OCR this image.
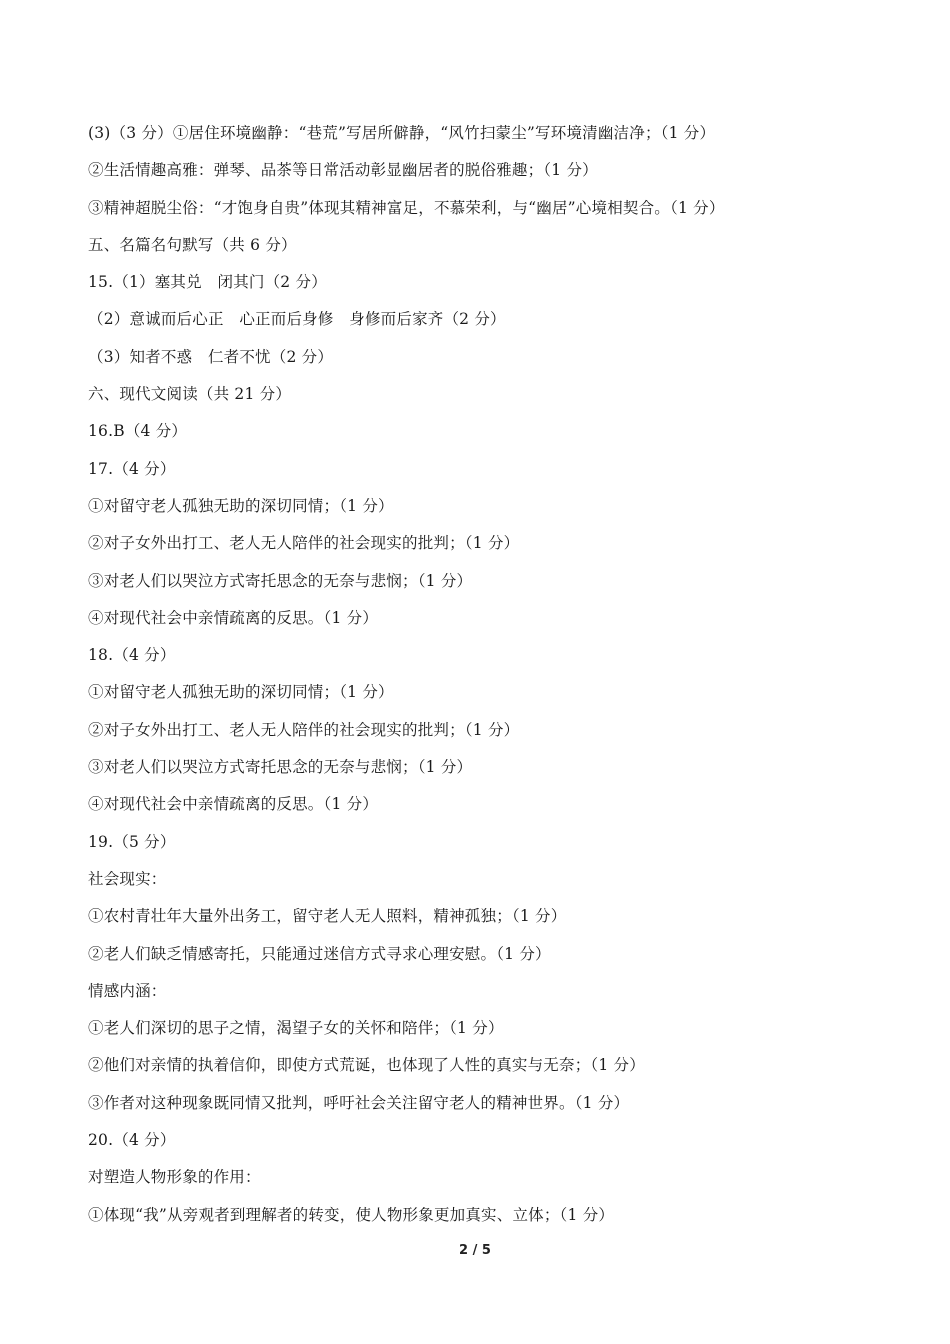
(3)（3 分）①居住环境幽静：“巷荒”写居所僻静，“风竹扫蒙尘”写环境清幽洁净；（1 分）
②生活情趣高雅：弹琴、品茶等日常活动彰显幽居者的脱俗雅趣；（1 分）
③精神超脱尘俗：“才饱身自贵”体现其精神富足，不慕荣利，与“幽居”心境相契合。（1 分）
五、名篇名句默写（共 6 分）
15.（1）塞其兑　闭其门（2 分）
（2）意诚而后心正　心正而后身修　身修而后家齐（2 分）
（3）知者不惑　仁者不忧（2 分）
六、现代文阅读（共 21 分）
16.B（4 分）
17.（4 分）
①对留守老人孤独无助的深切同情；（1 分）
②对子女外出打工、老人无人陪伴的社会现实的批判；（1 分）
③对老人们以哭泣方式寄托思念的无奈与悲悯；（1 分）
④对现代社会中亲情疏离的反思。（1 分）
18.（4 分）
①对留守老人孤独无助的深切同情；（1 分）
②对子女外出打工、老人无人陪伴的社会现实的批判；（1 分）
③对老人们以哭泣方式寄托思念的无奈与悲悯；（1 分）
④对现代社会中亲情疏离的反思。（1 分）
19.（5 分）
社会现实：
①农村青壮年大量外出务工，留守老人无人照料，精神孤独；（1 分）
②老人们缺乏情感寄托，只能通过迷信方式寻求心理安慰。（1 分）
情感内涵：
①老人们深切的思子之情，渴望子女的关怀和陪伴；（1 分）
②他们对亲情的执着信仰，即使方式荒诞，也体现了人性的真实与无奈；（1 分）
③作者对这种现象既同情又批判，呼吁社会关注留守老人的精神世界。（1 分）
20.（4 分）
对塑造人物形象的作用：
①体现“我”从旁观者到理解者的转变，使人物形象更加真实、立体；（1 分）
2 / 5
